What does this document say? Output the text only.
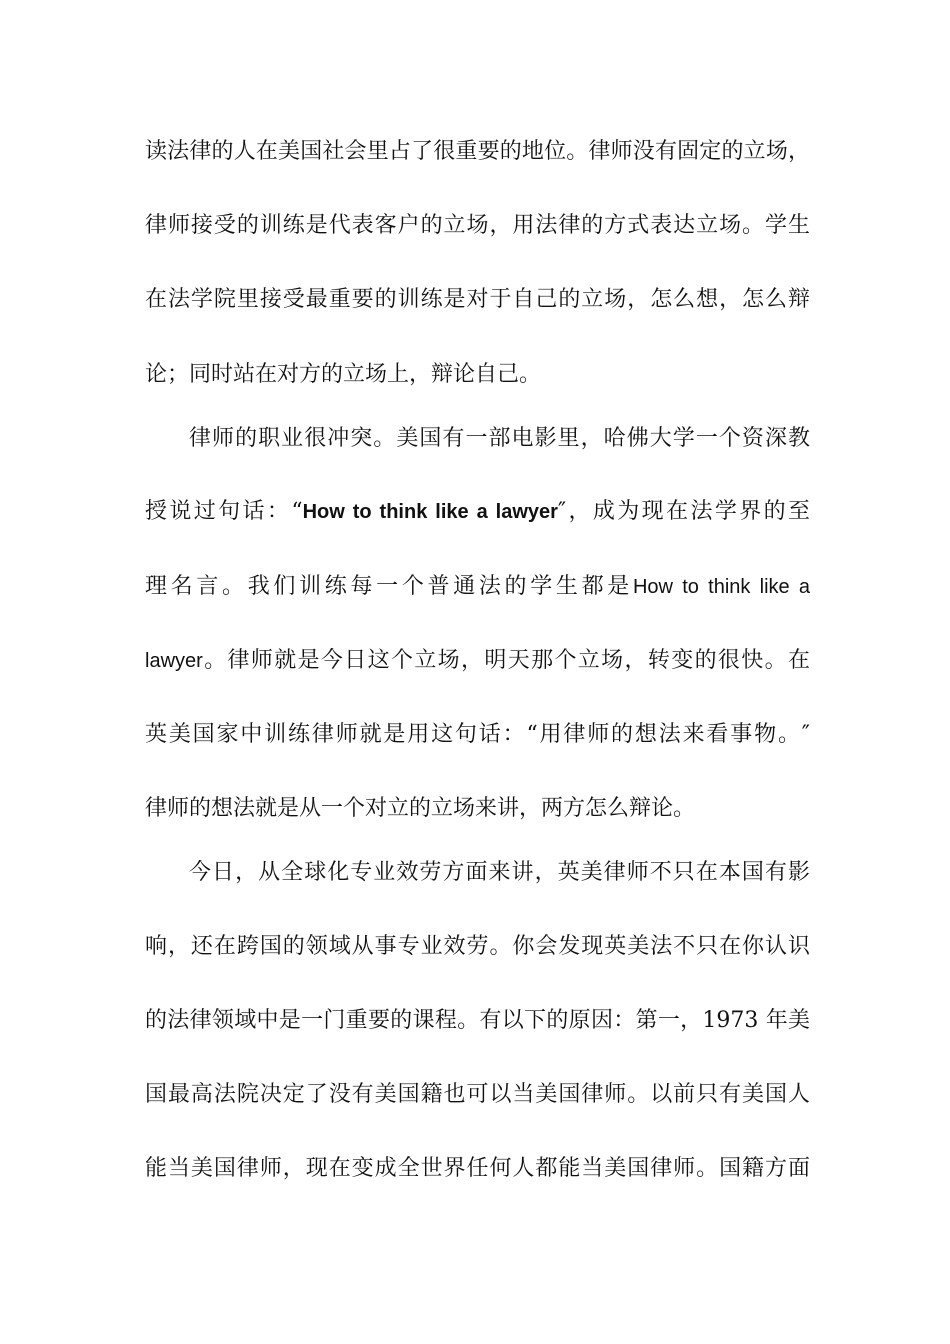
读法律的人在美国社会里占了很重要的地位。律师没有固定的立场，
律师接受的训练是代表客户的立场，用法律的方式表达立场。学生
在法学院里接受最重要的训练是对于自己的立场，怎么想，怎么辩
论；同时站在对方的立场上，辩论自己。
律师的职业很冲突。美国有一部电影里，哈佛大学一个资深教
授说过句话：“How to think like a lawyer″，成为现在法学界的至
理名言。我们训练每一个普通法的学生都是How to think like a
lawyer。律师就是今日这个立场，明天那个立场，转变的很快。在
英美国家中训练律师就是用这句话：“用律师的想法来看事物。″
律师的想法就是从一个对立的立场来讲，两方怎么辩论。
今日，从全球化专业效劳方面来讲，英美律师不只在本国有影
响，还在跨国的领域从事专业效劳。你会发现英美法不只在你认识
的法律领域中是一门重要的课程。有以下的原因：第一，1973 年美
国最高法院决定了没有美国籍也可以当美国律师。以前只有美国人
能当美国律师，现在变成全世界任何人都能当美国律师。国籍方面
